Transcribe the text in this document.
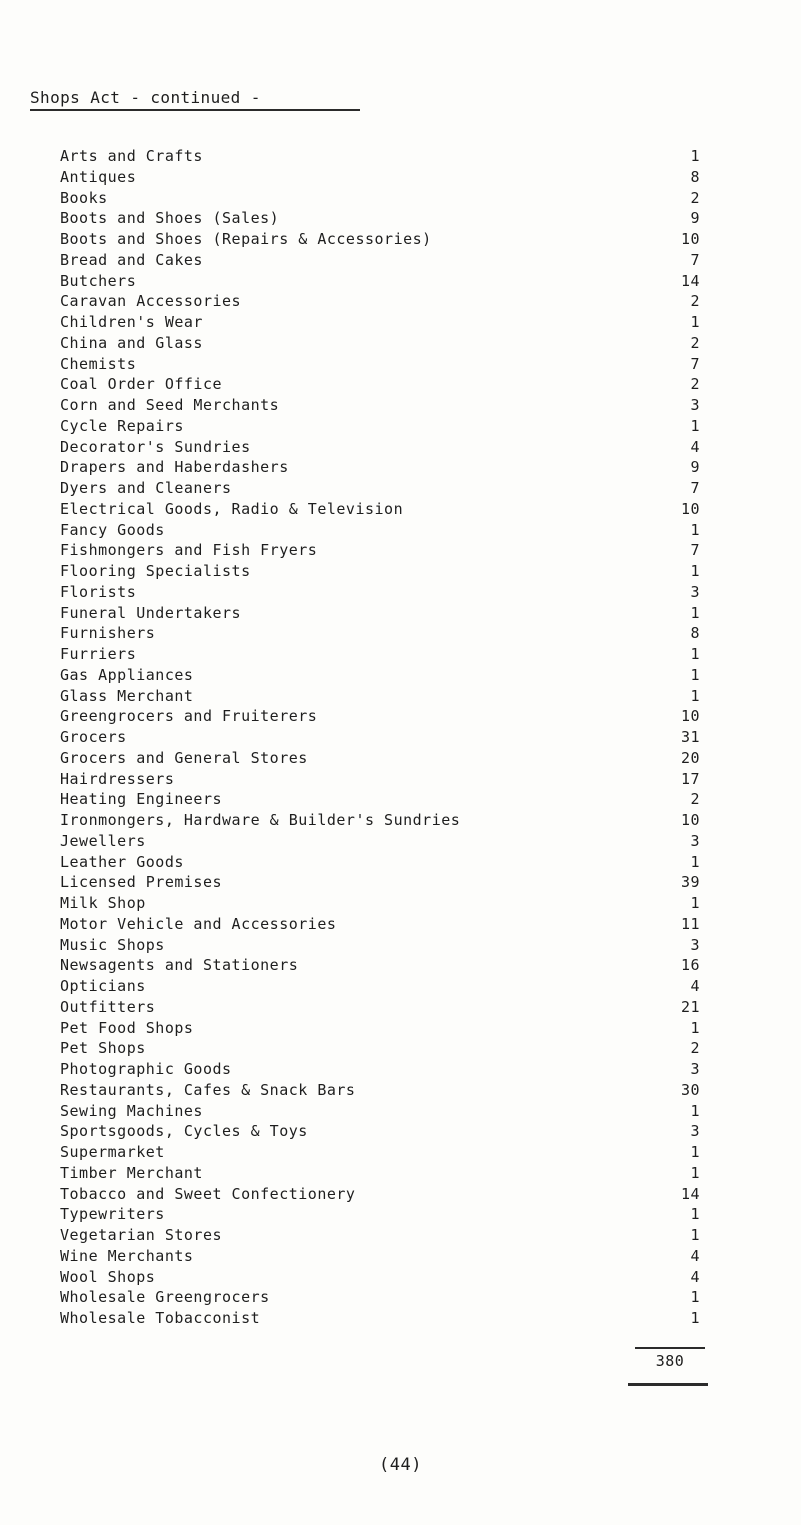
Shops Act - continued -
Arts and Crafts	1
Antiques	8
Books	2
Boots and Shoes (Sales)	9
Boots and Shoes (Repairs & Accessories)	10
Bread and Cakes	7
Butchers	14
Caravan Accessories	2
Children's Wear	1
China and Glass	2
Chemists	7
Coal Order Office	2
Corn and Seed Merchants	3
Cycle Repairs	1
Decorator's Sundries	4
Drapers and Haberdashers	9
Dyers and Cleaners	7
Electrical Goods, Radio & Television	10
Fancy Goods	1
Fishmongers and Fish Fryers	7
Flooring Specialists	1
Florists	3
Funeral Undertakers	1
Furnishers	8
Furriers	1
Gas Appliances	1
Glass Merchant	1
Greengrocers and Fruiterers	10
Grocers	31
Grocers and General Stores	20
Hairdressers	17
Heating Engineers	2
Ironmongers, Hardware & Builder's Sundries	10
Jewellers	3
Leather Goods	1
Licensed Premises	39
Milk Shop	1
Motor Vehicle and Accessories	11
Music Shops	3
Newsagents and Stationers	16
Opticians	4
Outfitters	21
Pet Food Shops	1
Pet Shops	2
Photographic Goods	3
Restaurants, Cafes & Snack Bars	30
Sewing Machines	1
Sportsgoods, Cycles & Toys	3
Supermarket	1
Timber Merchant	1
Tobacco and Sweet Confectionery	14
Typewriters	1
Vegetarian Stores	1
Wine Merchants	4
Wool Shops	4
Wholesale Greengrocers	1
Wholesale Tobacconist	1
380
(44)
